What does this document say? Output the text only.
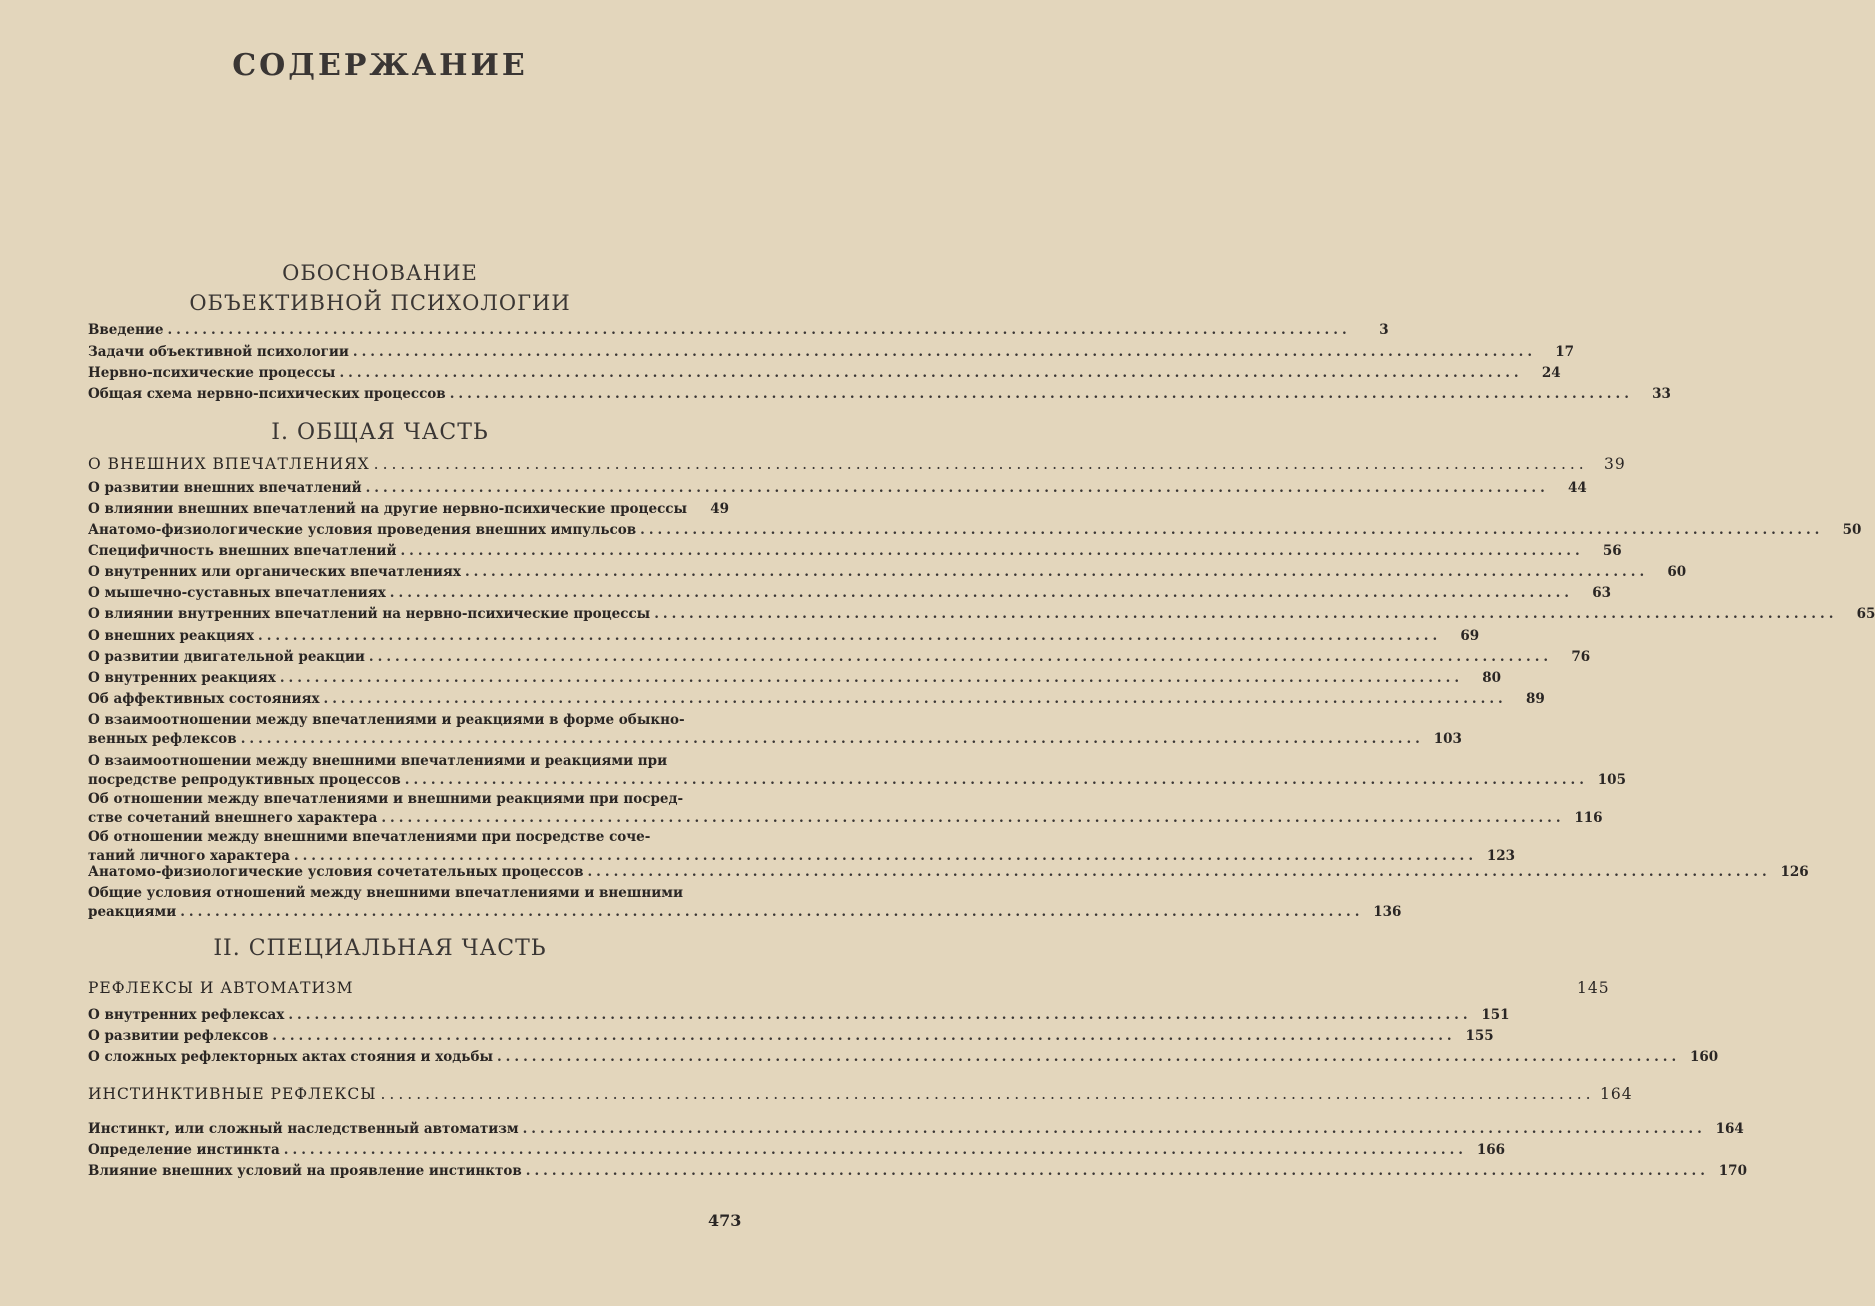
СОДЕРЖАНИЕ
ОБОСНОВАНИЕ
ОБЪЕКТИВНОЙ ПСИХОЛОГИИ
Введение ........................................................................................................................................	3
Задачи объективной психологии ........................................................................................................................................	17
Нервно-психические процессы ........................................................................................................................................	24
Общая схема нервно-психических процессов ........................................................................................................................................	33
I. ОБЩАЯ ЧАСТЬ
О ВНЕШНИХ ВПЕЧАТЛЕНИЯХ ........................................................................................................................................	39
О развитии внешних впечатлений ........................................................................................................................................	44
О влиянии внешних впечатлений на другие нервно-психические процессы	49
Анатомо-физиологические условия проведения внешних импульсов ........................................................................................................................................	50
Специфичность внешних впечатлений ........................................................................................................................................	56
О внутренних или органических впечатлениях ........................................................................................................................................	60
О мышечно-суставных впечатлениях ........................................................................................................................................	63
О влиянии внутренних впечатлений на нервно-психические процессы ........................................................................................................................................	65
О внешних реакциях ........................................................................................................................................	69
О развитии двигательной реакции ........................................................................................................................................	76
О внутренних реакциях ........................................................................................................................................	80
Об аффективных состояниях ........................................................................................................................................	89
О взаимоотношении между впечатлениями и реакциями в форме обыкно-
венных рефлексов ........................................................................................................................................ 103
О взаимоотношении между внешними впечатлениями и реакциями при
посредстве репродуктивных процессов ........................................................................................................................................ 105
Об отношении между впечатлениями и внешними реакциями при посред-
стве сочетаний внешнего характера ........................................................................................................................................ 116
Об отношении между внешними впечатлениями при посредстве соче-
таний личного характера ........................................................................................................................................ 123
Анатомо-физиологические условия сочетательных процессов ........................................................................................................................................ 126
Общие условия отношений между внешними впечатлениями и внешними
реакциями ........................................................................................................................................ 136
II. СПЕЦИАЛЬНАЯ ЧАСТЬ
РЕФЛЕКСЫ И АВТОМАТИЗМ	145
О внутренних рефлексах ........................................................................................................................................ 151
О развитии рефлексов ........................................................................................................................................ 155
О сложных рефлекторных актах стояния и ходьбы ........................................................................................................................................ 160
ИНСТИНКТИВНЫЕ РЕФЛЕКСЫ ........................................................................................................................................ 164
Инстинкт, или сложный наследственный автоматизм ........................................................................................................................................ 164
Определение инстинкта ........................................................................................................................................ 166
Влияние внешних условий на проявление инстинктов ........................................................................................................................................ 170
473
